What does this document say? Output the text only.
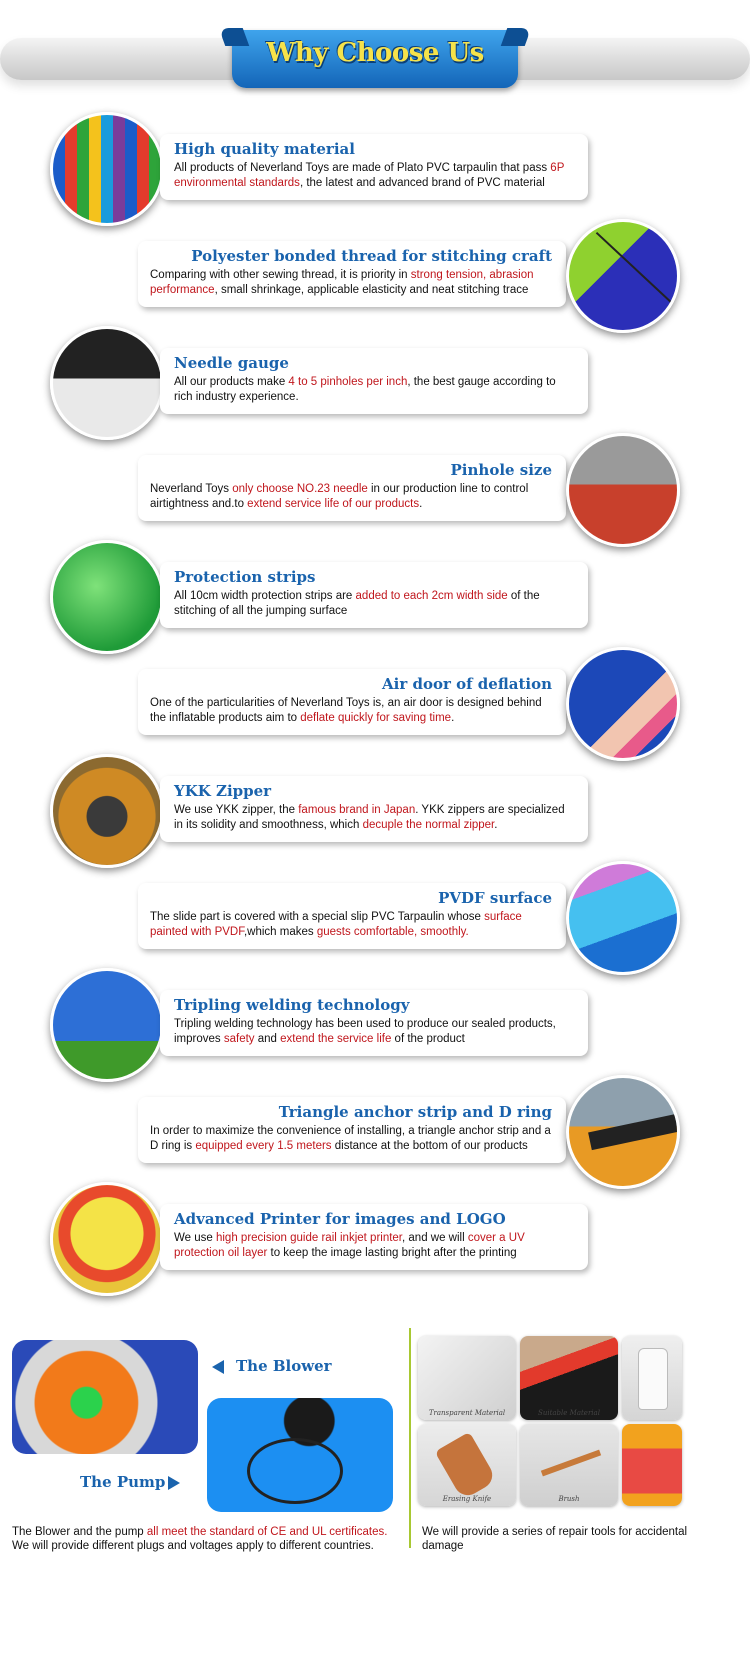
Why Choose Us
High quality material
All products of Neverland Toys are made of Plato PVC tarpaulin that pass 6P environmental standards, the latest and advanced brand of PVC material
Polyester bonded thread for stitching craft
Comparing with other sewing thread, it is priority in strong tension, abrasion performance, small shrinkage, applicable elasticity and neat stitching trace
Needle gauge
All our products make 4 to 5 pinholes per inch, the best gauge according to rich industry experience.
Pinhole size
Neverland Toys only choose NO.23 needle in our production line to control airtightness and.to extend service life of our products.
Protection strips
All 10cm width protection strips are added to each 2cm width side of the stitching of all the jumping surface
Air door of deflation
One of the particularities of Neverland Toys is, an air door is designed behind the inflatable products aim to deflate quickly for saving time.
YKK Zipper
We use YKK zipper, the famous brand in Japan. YKK zippers are specialized in its solidity and smoothness, which decuple the normal zipper.
PVDF surface
The slide part is covered with a special slip PVC Tarpaulin whose surface painted with PVDF,which makes guests comfortable, smoothly.
Tripling welding technology
Tripling welding technology has been used to produce our sealed products, improves safety and extend the service life of the product
Triangle anchor strip and D ring
In order to maximize the convenience of installing, a triangle anchor strip and a D ring is equipped every 1.5 meters distance at the bottom of our products
Advanced Printer for images and LOGO
We use high precision guide rail inkjet printer, and we will cover a UV protection oil layer to keep the image lasting bright after the printing
The Blower
The Pump
The Blower and the pump all meet the standard of CE and UL certificates.
We will provide different plugs and voltages apply to different countries.
Transparent Material	Suitable Material
Erasing Knife	Brush
We will provide a series of repair tools for accidental damage
